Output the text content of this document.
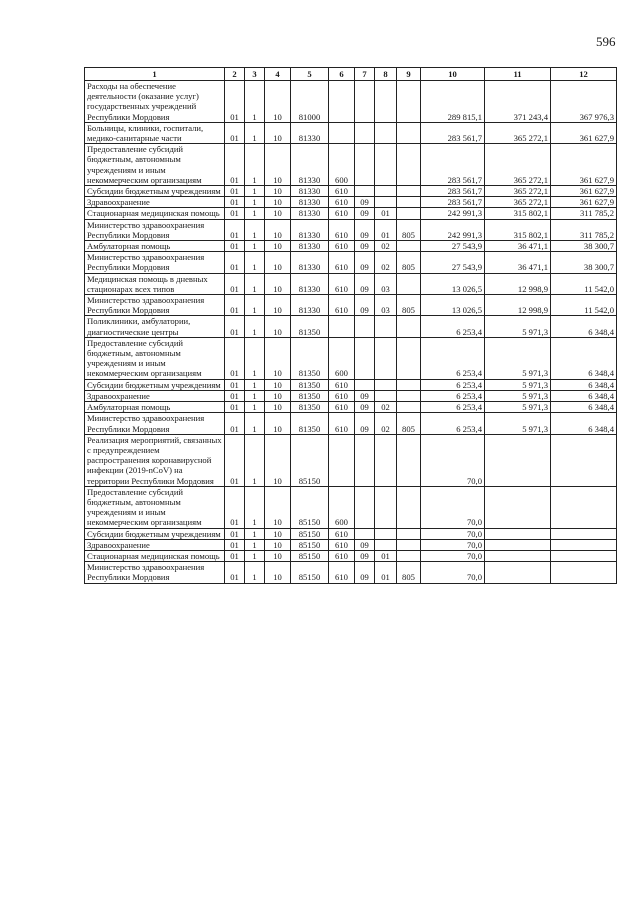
596
1	2	3	4	5	6	7	8	9	10	11	12
Расходы на обеспечение деятельности (оказание услуг) государственных учреждений Республики Мордовия	01	1	10	81000					289 815,1	371 243,4	367 976,3
Больницы, клиники, госпитали, медико-санитарные части	01	1	10	81330					283 561,7	365 272,1	361 627,9
Предоставление субсидий бюджетным, автономным учреждениям и иным некоммерческим организациям	01	1	10	81330	600				283 561,7	365 272,1	361 627,9
Субсидии бюджетным учреждениям	01	1	10	81330	610				283 561,7	365 272,1	361 627,9
Здравоохранение	01	1	10	81330	610	09			283 561,7	365 272,1	361 627,9
Стационарная медицинская помощь	01	1	10	81330	610	09	01		242 991,3	315 802,1	311 785,2
Министерство здравоохранения Республики Мордовия	01	1	10	81330	610	09	01	805	242 991,3	315 802,1	311 785,2
Амбулаторная помощь	01	1	10	81330	610	09	02		27 543,9	36 471,1	38 300,7
Министерство здравоохранения Республики Мордовия	01	1	10	81330	610	09	02	805	27 543,9	36 471,1	38 300,7
Медицинская помощь в дневных стационарах всех типов	01	1	10	81330	610	09	03		13 026,5	12 998,9	11 542,0
Министерство здравоохранения Республики Мордовия	01	1	10	81330	610	09	03	805	13 026,5	12 998,9	11 542,0
Поликлиники, амбулатории, диагностические центры	01	1	10	81350					6 253,4	5 971,3	6 348,4
Предоставление субсидий бюджетным, автономным учреждениям и иным некоммерческим организациям	01	1	10	81350	600				6 253,4	5 971,3	6 348,4
Субсидии бюджетным учреждениям	01	1	10	81350	610				6 253,4	5 971,3	6 348,4
Здравоохранение	01	1	10	81350	610	09			6 253,4	5 971,3	6 348,4
Амбулаторная помощь	01	1	10	81350	610	09	02		6 253,4	5 971,3	6 348,4
Министерство здравоохранения Республики Мордовия	01	1	10	81350	610	09	02	805	6 253,4	5 971,3	6 348,4
Реализация мероприятий, связанных с предупреждением распространения коронавирусной инфекции (2019-nCoV) на территории Республики Мордовия	01	1	10	85150					70,0		
Предоставление субсидий бюджетным, автономным учреждениям и иным некоммерческим организациям	01	1	10	85150	600				70,0		
Субсидии бюджетным учреждениям	01	1	10	85150	610				70,0		
Здравоохранение	01	1	10	85150	610	09			70,0		
Стационарная медицинская помощь	01	1	10	85150	610	09	01		70,0		
Министерство здравоохранения Республики Мордовия	01	1	10	85150	610	09	01	805	70,0		
